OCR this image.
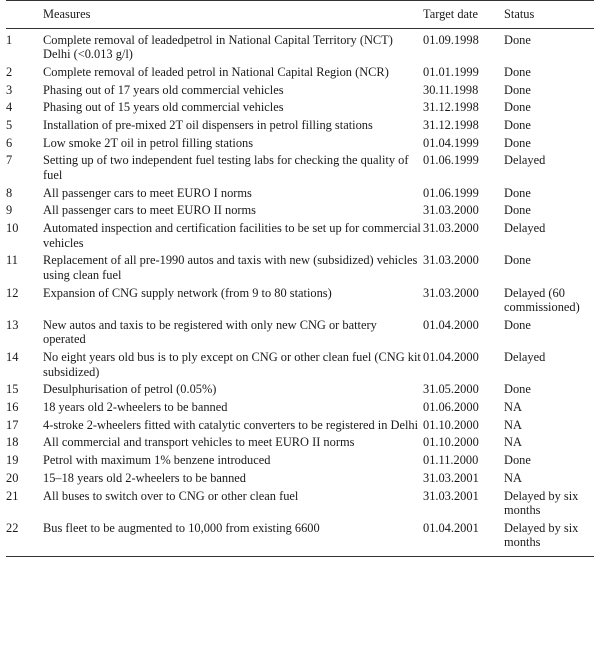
	Measures	Target date	Status
1	Complete removal of leadedpetrol in National Capital Territory (NCT) Delhi (<0.013 g/l)	01.09.1998	Done
2	Complete removal of leaded petrol in National Capital Region (NCR)	01.01.1999	Done
3	Phasing out of 17 years old commercial vehicles	30.11.1998	Done
4	Phasing out of 15 years old commercial vehicles	31.12.1998	Done
5	Installation of pre-mixed 2T oil dispensers in petrol filling stations	31.12.1998	Done
6	Low smoke 2T oil in petrol filling stations	01.04.1999	Done
7	Setting up of two independent fuel testing labs for checking the quality of fuel	01.06.1999	Delayed
8	All passenger cars to meet EURO I norms	01.06.1999	Done
9	All passenger cars to meet EURO II norms	31.03.2000	Done
10	Automated inspection and certification facilities to be set up for commercial vehicles	31.03.2000	Delayed
11	Replacement of all pre-1990 autos and taxis with new (subsidized) vehicles using clean fuel	31.03.2000	Done
12	Expansion of CNG supply network (from 9 to 80 stations)	31.03.2000	Delayed (60 commissioned)
13	New autos and taxis to be registered with only new CNG or battery operated	01.04.2000	Done
14	No eight years old bus is to ply except on CNG or other clean fuel (CNG kit subsidized)	01.04.2000	Delayed
15	Desulphurisation of petrol (0.05%)	31.05.2000	Done
16	18 years old 2-wheelers to be banned	01.06.2000	NA
17	4-stroke 2-wheelers fitted with catalytic converters to be registered in Delhi	01.10.2000	NA
18	All commercial and transport vehicles to meet EURO II norms	01.10.2000	NA
19	Petrol with maximum 1% benzene introduced	01.11.2000	Done
20	15–18 years old 2-wheelers to be banned	31.03.2001	NA
21	All buses to switch over to CNG or other clean fuel	31.03.2001	Delayed by six months
22	Bus fleet to be augmented to 10,000 from existing 6600	01.04.2001	Delayed by six months
